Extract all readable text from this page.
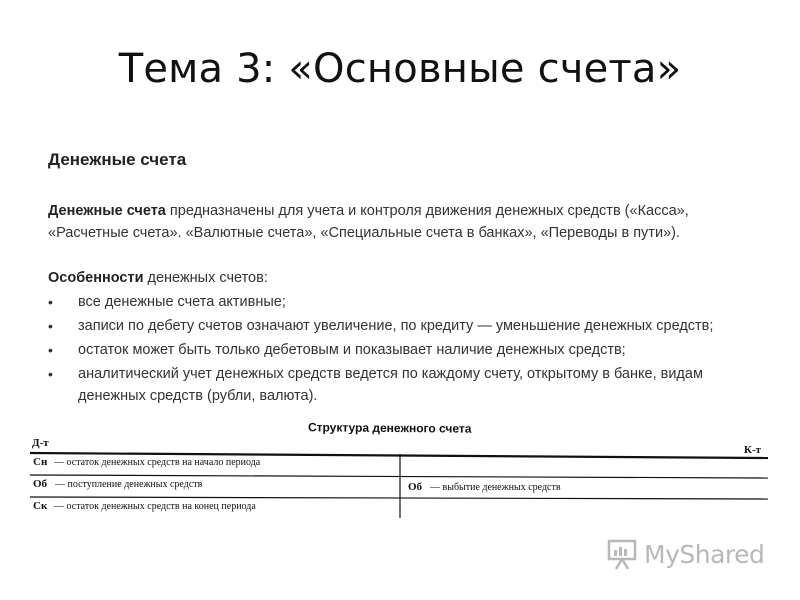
Тема 3: «Основные счета»
Денежные счета
Денежные счета предназначены для учета и контроля движения денежных средств («Касса», «Расчетные счета». «Валютные счета», «Специальные счета в банках», «Переводы в пути»).
Особенности денежных счетов:
• все денежные счета активные;
• записи по дебету счетов означают увеличение, по кредиту — уменьшение денежных средств;
• остаток может быть только дебетовым и показывает наличие денежных средств;
• аналитический учет денежных средств ведется по каждому счету, открытому в банке, видам денежных средств (рубли, валюта).
Структура денежного счета
Д-т
К-т
Сн — остаток денежных средств на начало периода
Об — поступление денежных средств	Об — выбытие денежных средств
Ск — остаток денежных средств на конец периода
MyShared
